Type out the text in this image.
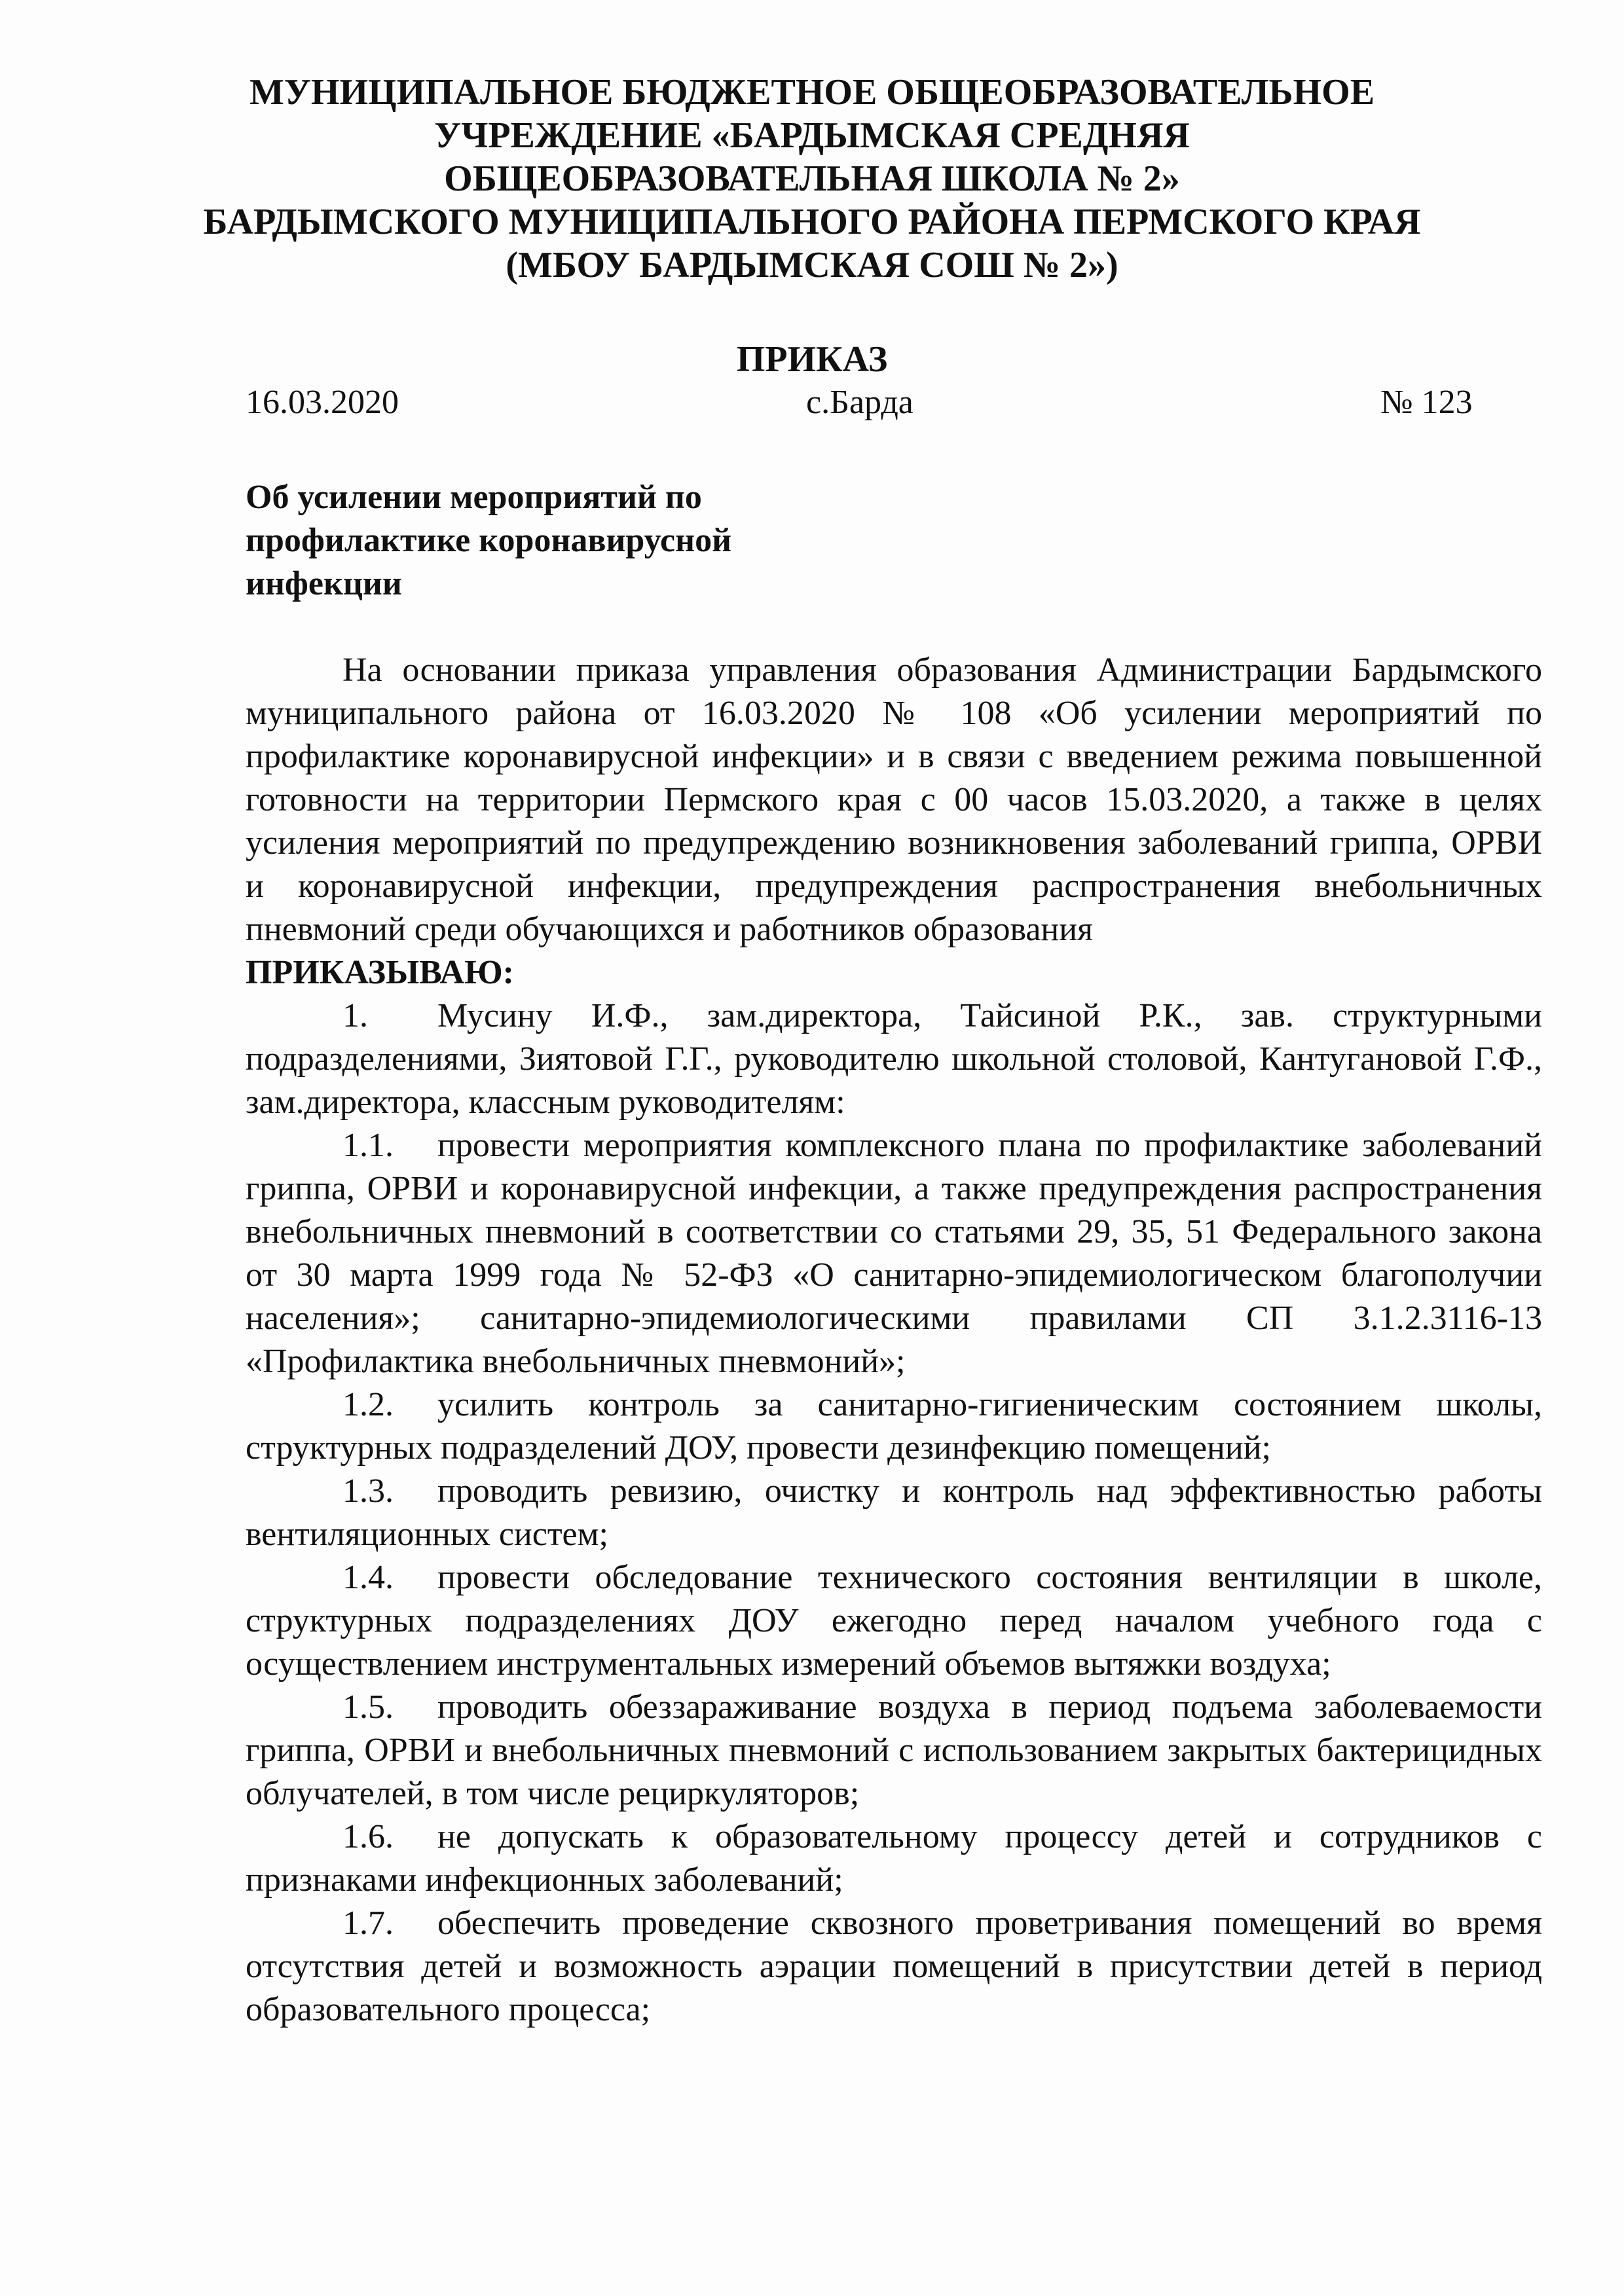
МУНИЦИПАЛЬНОЕ БЮДЖЕТНОЕ ОБЩЕОБРАЗОВАТЕЛЬНОЕ
УЧРЕЖДЕНИЕ «БАРДЫМСКАЯ СРЕДНЯЯ
ОБЩЕОБРАЗОВАТЕЛЬНАЯ ШКОЛА № 2»
БАРДЫМСКОГО МУНИЦИПАЛЬНОГО РАЙОНА ПЕРМСКОГО КРАЯ
(МБОУ БАРДЫМСКАЯ СОШ № 2»)
ПРИКАЗ
16.03.2020	с.Барда	№ 123
Об усилении мероприятий по
профилактике коронавирусной
инфекции

На основании приказа управления образования Администрации Бардымского муниципального района от 16.03.2020 № 108 «Об усилении мероприятий по профилактике коронавирусной инфекции» и в связи с введением режима повышенной готовности на территории Пермского края с 00 часов 15.03.2020, а также в целях усиления мероприятий по предупреждению возникновения заболеваний гриппа, ОРВИ и коронавирусной инфекции, предупреждения распространения внебольничных пневмоний среди обучающихся и работников образования

ПРИКАЗЫВАЮ:

1. Мусину И.Ф., зам.директора, Тайсиной Р.К., зав. структурными подразделениями, Зиятовой Г.Г., руководителю школьной столовой, Кантугановой Г.Ф., зам.директора, классным руководителям:

1.1. провести мероприятия комплексного плана по профилактике заболеваний гриппа, ОРВИ и коронавирусной инфекции, а также предупреждения распространения внебольничных пневмоний в соответствии со статьями 29, 35, 51 Федерального закона от 30 марта 1999 года № 52-ФЗ «О санитарно-эпидемиологическом благополучии населения»; санитарно-эпидемиологическими правилами СП 3.1.2.3116-13 «Профилактика внебольничных пневмоний»;

1.2. усилить контроль за санитарно-гигиеническим состоянием школы, структурных подразделений ДОУ, провести дезинфекцию помещений;

1.3. проводить ревизию, очистку и контроль над эффективностью работы вентиляционных систем;

1.4. провести обследование технического состояния вентиляции в школе, структурных подразделениях ДОУ ежегодно перед началом учебного года с осуществлением инструментальных измерений объемов вытяжки воздуха;

1.5. проводить обеззараживание воздуха в период подъема заболеваемости гриппа, ОРВИ и внебольничных пневмоний с использованием закрытых бактерицидных облучателей, в том числе рециркуляторов;

1.6. не допускать к образовательному процессу детей и сотрудников с признаками инфекционных заболеваний;

1.7. обеспечить проведение сквозного проветривания помещений во время отсутствия детей и возможность аэрации помещений в присутствии детей в период образовательного процесса;
